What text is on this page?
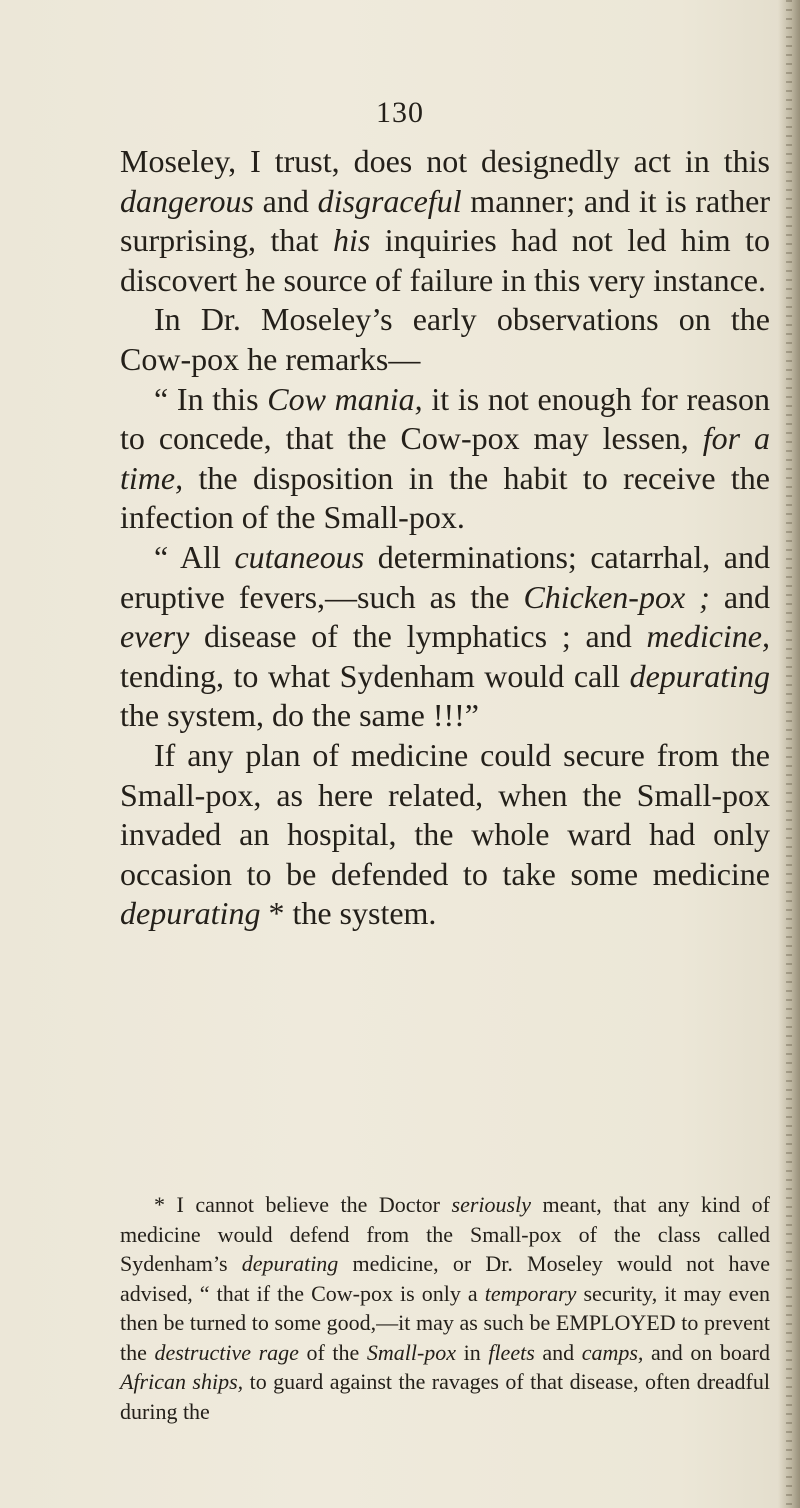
130

Moseley, I trust, does not designedly act in this dangerous and disgraceful manner; and it is rather surprising, that his inquiries had not led him to discovert he source of failure in this very instance.

In Dr. Moseley’s early observations on the Cow-pox he remarks—

“ In this Cow mania, it is not enough for reason to concede, that the Cow-pox may lessen, for a time, the disposition in the habit to receive the infection of the Small-pox.

“ All cutaneous determinations; catarrhal, and eruptive fevers,—such as the Chicken-pox ; and every disease of the lymphatics ; and medicine, tending, to what Sydenham would call depurating the system, do the same !!!”

If any plan of medicine could secure from the Small-pox, as here related, when the Small-pox invaded an hospital, the whole ward had only occasion to be defended to take some medicine depurating * the system.

* I cannot believe the Doctor seriously meant, that any kind of medicine would defend from the Small-pox of the class called Sydenham’s depurating medicine, or Dr. Moseley would not have advised, “ that if the Cow-pox is only a temporary security, it may even then be turned to some good,—it may as such be EMPLOYED to prevent the destructive rage of the Small-pox in fleets and camps, and on board African ships, to guard against the ravages of that disease, often dreadful during the
